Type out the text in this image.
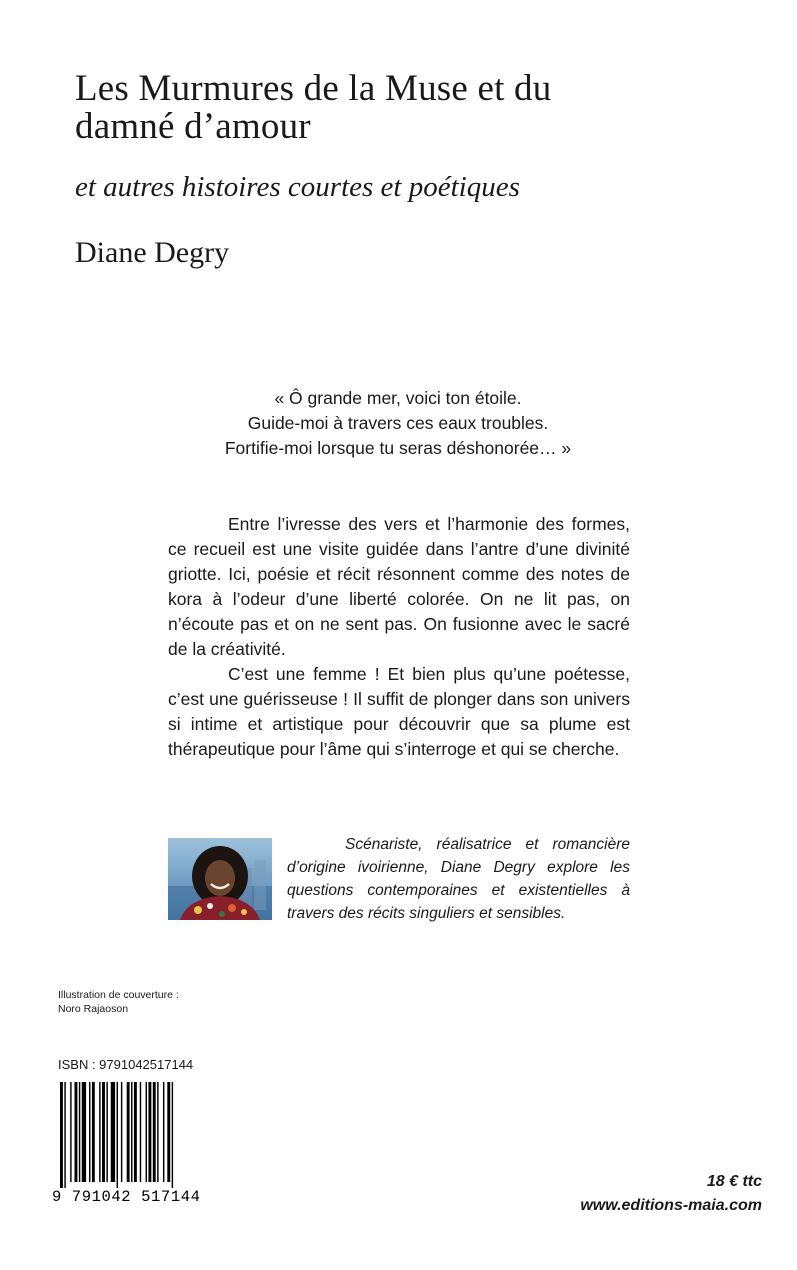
Les Murmures de la Muse et du
damné d’amour
et autres histoires courtes et poétiques
Diane Degry
« Ô grande mer, voici ton étoile.
Guide-moi à travers ces eaux troubles.
Fortifie-moi lorsque tu seras déshonorée… »

Entre l’ivresse des vers et l’harmonie des formes, ce recueil est une visite guidée dans l’antre d’une divinité griotte. Ici, poésie et récit résonnent comme des notes de kora à l’odeur d’une liberté colorée. On ne lit pas, on n’écoute pas et on ne sent pas. On fusionne avec le sacré de la créativité.

C’est une femme ! Et bien plus qu’une poétesse, c’est une guérisseuse ! Il suffit de plonger dans son univers si intime et artistique pour découvrir que sa plume est thérapeutique pour l’âme qui s’interroge et qui se cherche.

Scénariste, réalisatrice et romancière d’origine ivoirienne, Diane Degry explore les questions contemporaines et existentielles à travers des récits singuliers et sensibles.
Illustration de couverture :
Noro Rajaoson
ISBN : 9791042517144
9 791042 517144
18 € ttc
www.editions-maia.com
